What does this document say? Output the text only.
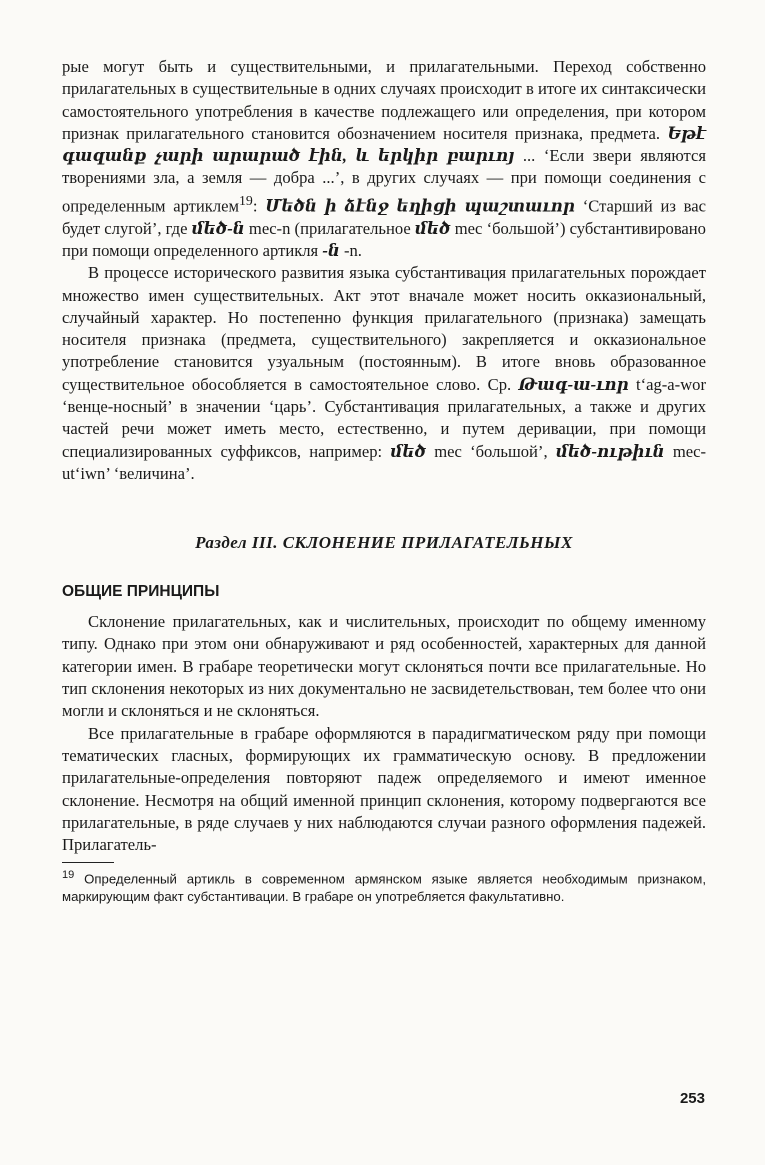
рые могут быть и существительными, и прилагательными. Переход собственно прилагательных в существительные в одних случаях происходит в итоге их синтаксически самостоятельного употребления в качестве подлежащего или определения, при котором признак прилагательного становится обозначением носителя признака, предмета. Եթէ գազանք չարի արարած էին, և երկիր բարւոյ ... ‘Если звери являются творениями зла, а земля — добра ...’, в других случаях — при помощи соединения с определенным артиклем$^{19}$: Մեծն ի ձէնջ եղիցի պաշտաւոր ‘Старший из вас будет слугой’, где մեծ-ն mec-n (прилагательное մեծ mec ‘большой’) субстантивировано при помощи определенного артикля -ն -n.

В процессе исторического развития языка субстантивация прилагательных порождает множество имен существительных. Акт этот вначале может носить окказиональный, случайный характер. Но постепенно функция прилагательного (признака) замещать носителя признака (предмета, существительного) закрепляется и окказиональное употребление становится узуальным (постоянным). В итоге вновь образованное существительное обособляется в самостоятельное слово. Ср. Թագ-ա-ւոր t‘ag-a-wor ‘венце-носный’ в значении ‘царь’. Субстантивация прилагательных, а также и других частей речи может иметь место, естественно, и путем деривации, при помощи специализированных суффиксов, например: մեծ mec ‘большой’, մեծ-ութիւն mec-ut‘iwn’ ‘величина’.

Раздел III. СКЛОНЕНИЕ ПРИЛАГАТЕЛЬНЫХ
ОБЩИЕ ПРИНЦИПЫ

Склонение прилагательных, как и числительных, происходит по общему именному типу. Однако при этом они обнаруживают и ряд особенностей, характерных для данной категории имен. В грабаре теоретически могут склоняться почти все прилагательные. Но тип склонения некоторых из них документально не засвидетельствован, тем более что они могли и склоняться и не склоняться.

Все прилагательные в грабаре оформляются в парадигматическом ряду при помощи тематических гласных, формирующих их грамматическую основу. В предложении прилагательные-определения повторяют падеж определяемого и имеют именное склонение. Несмотря на общий именной принцип склонения, которому подвергаются все прилагательные, в ряде случаев у них наблюдаются случаи разного оформления падежей. Прилагатель-

$^{19}$ Определенный артикль в современном армянском языке является необходимым признаком, маркирующим факт субстантивации. В грабаре он употребляется факультативно.
253
